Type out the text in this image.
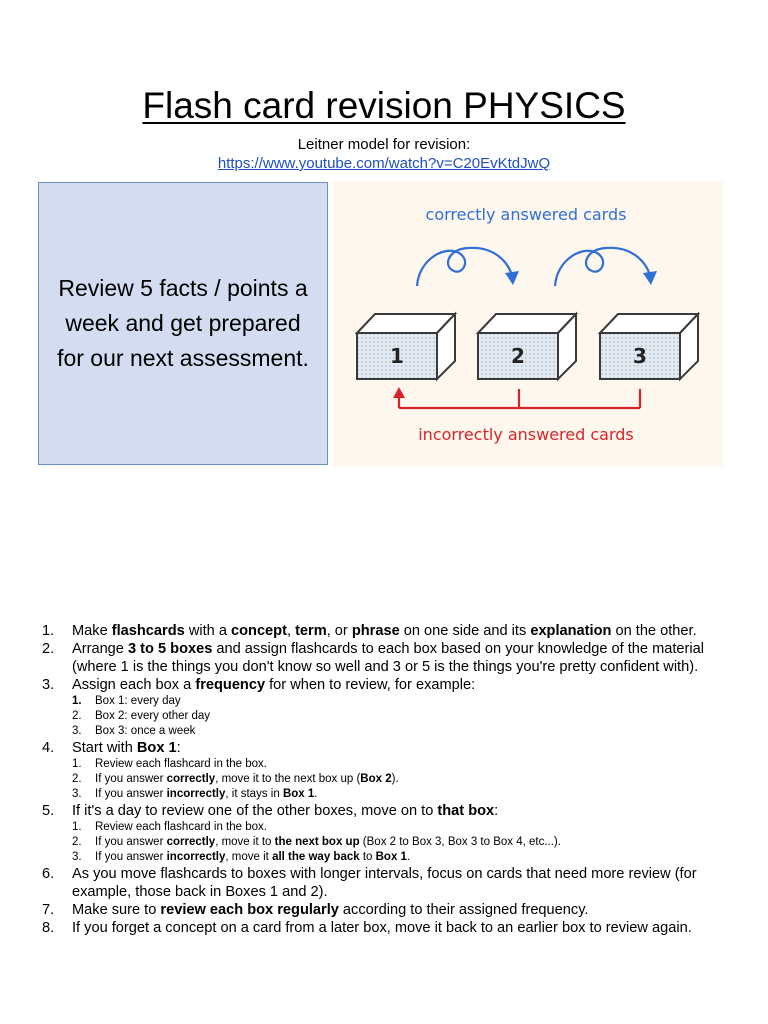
Flash card revision PHYSICS
Leitner model for revision:
https://www.youtube.com/watch?v=C20EvKtdJwQ
Review 5 facts / points a week and get prepared for our next assessment.
correctly answered cards
1	2	3
incorrectly answered cards
1. Make flashcards with a concept, term, or phrase on one side and its explanation on the other.
2. Arrange 3 to 5 boxes and assign flashcards to each box based on your knowledge of the material (where 1 is the things you don't know so well and 3 or 5 is the things you're pretty confident with).
3. Assign each box a frequency for when to review, for example:
1. Box 1: every day
2. Box 2: every other day
3. Box 3: once a week
4. Start with Box 1:
1. Review each flashcard in the box.
2. If you answer correctly, move it to the next box up (Box 2).
3. If you answer incorrectly, it stays in Box 1.
5. If it's a day to review one of the other boxes, move on to that box:
1. Review each flashcard in the box.
2. If you answer correctly, move it to the next box up (Box 2 to Box 3, Box 3 to Box 4, etc...).
3. If you answer incorrectly, move it all the way back to Box 1.
6. As you move flashcards to boxes with longer intervals, focus on cards that need more review (for example, those back in Boxes 1 and 2).
7. Make sure to review each box regularly according to their assigned frequency.
8. If you forget a concept on a card from a later box, move it back to an earlier box to review again.
